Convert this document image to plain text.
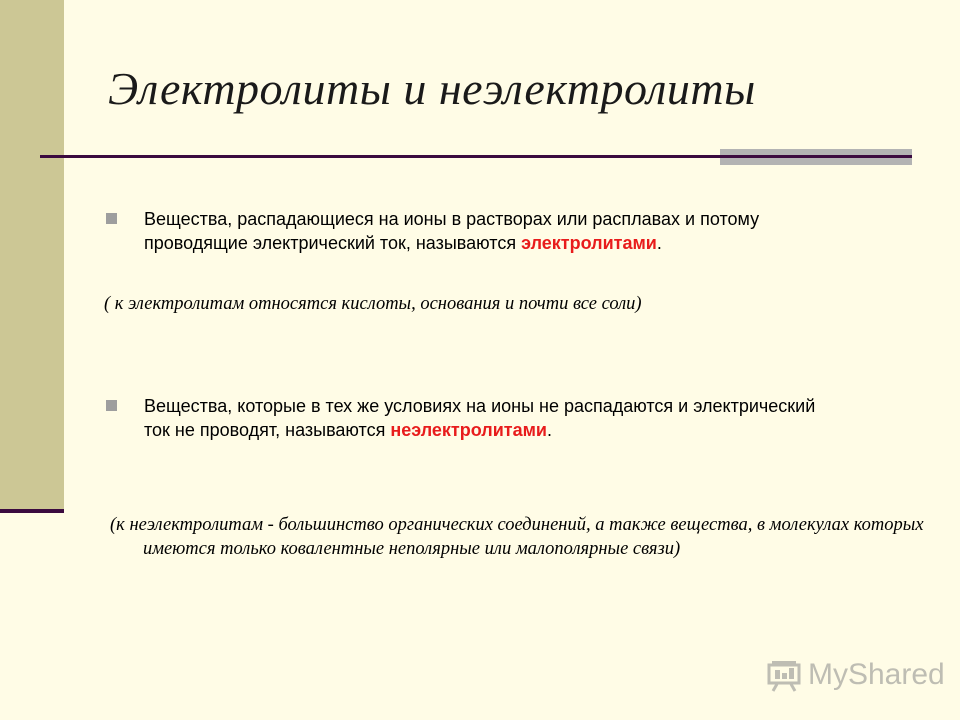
Электролиты и неэлектролиты

Вещества, распадающиеся на ионы в растворах или расплавах и потому проводящие электрический ток, называются электролитами.

( к электролитам относятся кислоты, основания и почти все соли)

Вещества, которые в тех же условиях на ионы не распадаются и электрический ток не проводят, называются неэлектролитами.

(к неэлектролитам - большинство органических соединений, а также вещества, в молекулах которых имеются только ковалентные неполярные или малополярные связи)

MyShared
